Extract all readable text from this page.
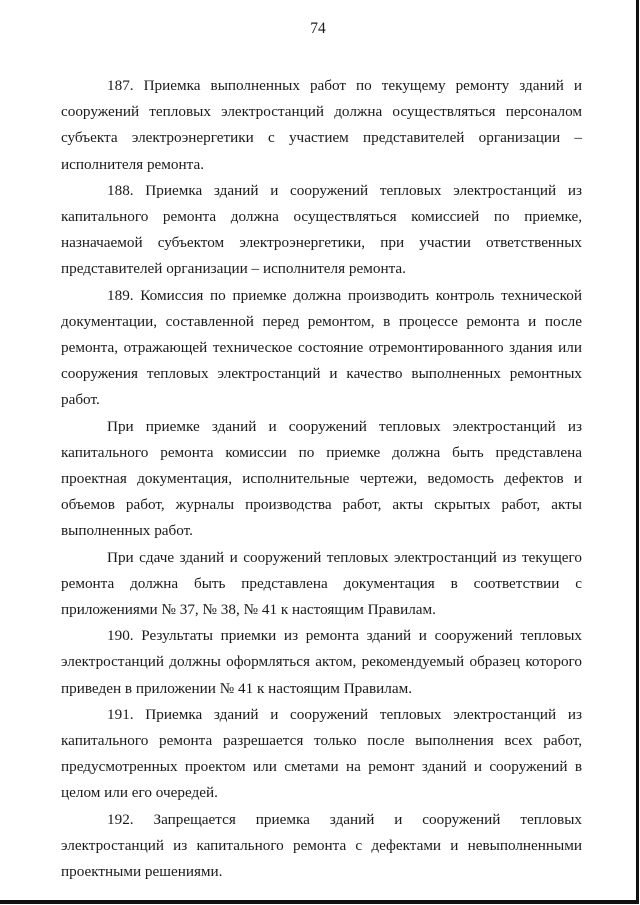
74

187. Приемка выполненных работ по текущему ремонту зданий и сооружений тепловых электростанций должна осуществляться персоналом субъекта электроэнергетики с участием представителей организации – исполнителя ремонта.

188. Приемка зданий и сооружений тепловых электростанций из капитального ремонта должна осуществляться комиссией по приемке, назначаемой субъектом электроэнергетики, при участии ответственных представителей организации – исполнителя ремонта.

189. Комиссия по приемке должна производить контроль технической документации, составленной перед ремонтом, в процессе ремонта и после ремонта, отражающей техническое состояние отремонтированного здания или сооружения тепловых электростанций и качество выполненных ремонтных работ.

При приемке зданий и сооружений тепловых электростанций из капитального ремонта комиссии по приемке должна быть представлена проектная документация, исполнительные чертежи, ведомость дефектов и объемов работ, журналы производства работ, акты скрытых работ, акты выполненных работ.

При сдаче зданий и сооружений тепловых электростанций из текущего ремонта должна быть представлена документация в соответствии с приложениями № 37, № 38, № 41 к настоящим Правилам.

190. Результаты приемки из ремонта зданий и сооружений тепловых электростанций должны оформляться актом, рекомендуемый образец которого приведен в приложении № 41 к настоящим Правилам.

191. Приемка зданий и сооружений тепловых электростанций из капитального ремонта разрешается только после выполнения всех работ, предусмотренных проектом или сметами на ремонт зданий и сооружений в целом или его очередей.

192. Запрещается приемка зданий и сооружений тепловых электростанций из капитального ремонта с дефектами и невыполненными проектными решениями.
